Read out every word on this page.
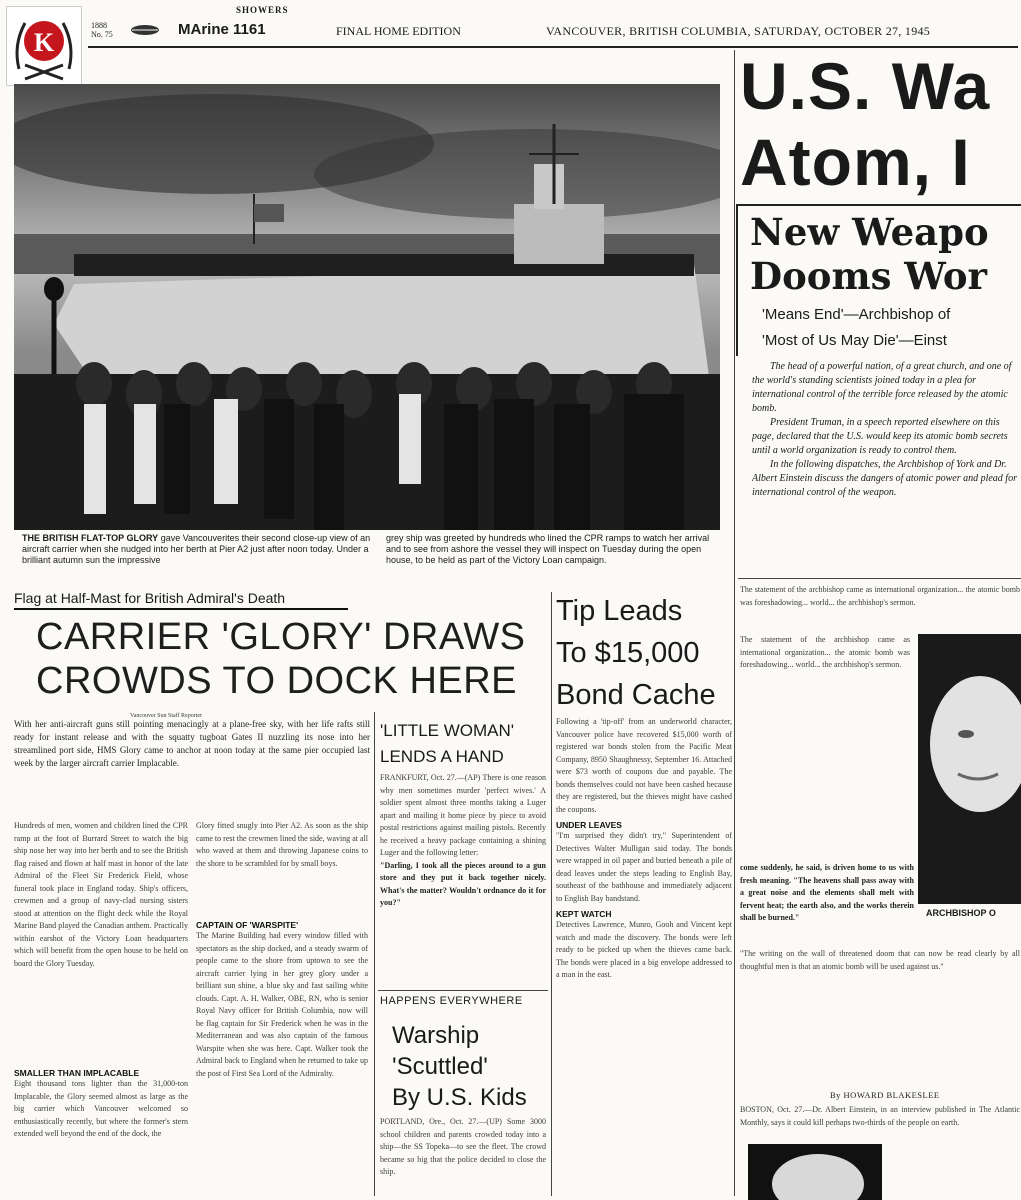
K
SHOWERS
1888
No. 75	MArine 1161	FINAL HOME EDITION	VANCOUVER, BRITISH COLUMBIA, SATURDAY, OCTOBER 27, 1945
THE BRITISH FLAT-TOP GLORY gave Vancouverites their second close-up view of an aircraft carrier when she nudged into her berth at Pier A2 just after noon today. Under a brilliant autumn sun the impressive
grey ship was greeted by hundreds who lined the CPR ramps to watch her arrival and to see from ashore the vessel they will inspect on Tuesday during the open house, to be held as part of the Victory Loan campaign.
Flag at Half-Mast for British Admiral's Death
CARRIER 'GLORY' DRAWS
CROWDS TO DOCK HERE
Vancouver Sun Staff Reporter
With her anti-aircraft guns still pointing menacingly at a plane-free sky, with her life rafts still ready for instant release and with the squatty tugboat Gates II nuzzling its nose into her streamlined port side, HMS Glory came to anchor at noon today at the same pier occupied last week by the larger aircraft carrier Implacable.
Hundreds of men, women and children lined the CPR ramp at the foot of Burrard Street to watch the big ship nose her way into her berth and to see the British flag raised and flown at half mast in honor of the late Admiral of the Fleet Sir Frederick Field, whose funeral took place in England today. Ship's officers, crewmen and a group of navy-clad nursing sisters stood at attention on the flight deck while the Royal Marine Band played the Canadian anthem. Practically within earshot of the Victory Loan headquarters which will benefit from the open house to be held on board the Glory Tuesday.
SMALLER THAN IMPLACABLE
Eight thousand tons lighter than the 31,000-ton Implacable, the Glory seemed almost as large as the big carrier which Vancouver welcomed so enthusiastically recently, but where the former's stern extended well beyond the end of the dock, the
Glory fitted snugly into Pier A2. As soon as the ship came to rest the crewmen lined the side, waving at all who waved at them and throwing Japanese coins to the shore to be scrambled for by small boys.
CAPTAIN OF 'WARSPITE'
The Marine Building had every window filled with spectators as the ship docked, and a steady swarm of people came to the shore from uptown to see the aircraft carrier lying in her grey glory under a brilliant sun shine, a blue sky and fast sailing white clouds. Capt. A. H. Walker, OBE, RN, who is senior Royal Navy officer for British Columbia, now will be flag captain for Sir Frederick when he was in the Mediterranean and was also captain of the famous Warspite when she was here. Capt. Walker took the Admiral back to England when he returned to take up the post of First Sea Lord of the Admiralty.
'LITTLE WOMAN'
LENDS A HAND
FRANKFURT, Oct. 27.—(AP) There is one reason why men sometimes murder 'perfect wives.' A soldier spent almost three months taking a Luger apart and mailing it home piece by piece to avoid postal restrictions against mailing pistols. Recently he received a heavy package containing a shining Luger and the following letter:
"Darling, I took all the pieces around to a gun store and they put it back together nicely. What's the matter? Wouldn't ordnance do it for you?"
HAPPENS EVERYWHERE
Warship
'Scuttled'
By U.S. Kids
PORTLAND, Ore., Oct. 27.—(UP) Some 3000 school children and parents crowded today into a ship—the SS Topeka—to see the fleet. The crowd became so big that the police decided to close the ship.
Tip Leads
To $15,000
Bond Cache
Following a 'tip-off' from an underworld character, Vancouver police have recovered $15,000 worth of registered war bonds stolen from the Pacific Meat Company, 8950 Shaughnessy, September 16. Attached were $73 worth of coupons due and payable. The bonds themselves could not have been cashed because they are registered, but the thieves might have cashed the coupons.
UNDER LEAVES
"I'm surprised they didn't try," Superintendent of Detectives Walter Mulligan said today. The bonds were wrapped in oil paper and buried beneath a pile of dead leaves under the steps leading to English Bay, southeast of the bathhouse and immediately adjacent to English Bay bandstand.
KEPT WATCH
Detectives Lawrence, Munro, Gooh and Vincent kept watch and made the discovery. The bonds were left ready to be picked up when the thieves came back. The bonds were placed in a big envelope addressed to a man in the east.
U.S. Wa
Atom, I
New Weapo
Dooms Wor
'Means End'—Archbishop of
'Most of Us May Die'—Einst
The head of a powerful nation, of a great church, and one of the world's standing scientists joined today in a plea for international control of the terrible force released by the atomic bomb.
President Truman, in a speech reported elsewhere on this page, declared that the U.S. would keep its atomic bomb secrets until a world organization is ready to control them.
In the following dispatches, the Archbishop of York and Dr. Albert Einstein discuss the dangers of atomic power and plead for international control of the weapon.
The statement of the archbishop came as international organization... the atomic bomb was foreshadowing... world... the archbishop's sermon.
The statement of the archbishop came as international organization... the atomic bomb was foreshadowing... world... the archbishop's sermon.
ARCHBISHOP O
come suddenly, he said, is driven home to us with fresh meaning. "The heavens shall pass away with a great noise and the elements shall melt with fervent heat; the earth also, and the works therein shall be burned."
"The writing on the wall of threatened doom that can now be read clearly by all thoughtful men is that an atomic bomb will be used against us."
By HOWARD BLAKESLEE
BOSTON, Oct. 27.—Dr. Albert Einstein, in an interview published in The Atlantic Monthly, says it could kill perhaps two-thirds of the people on earth.
